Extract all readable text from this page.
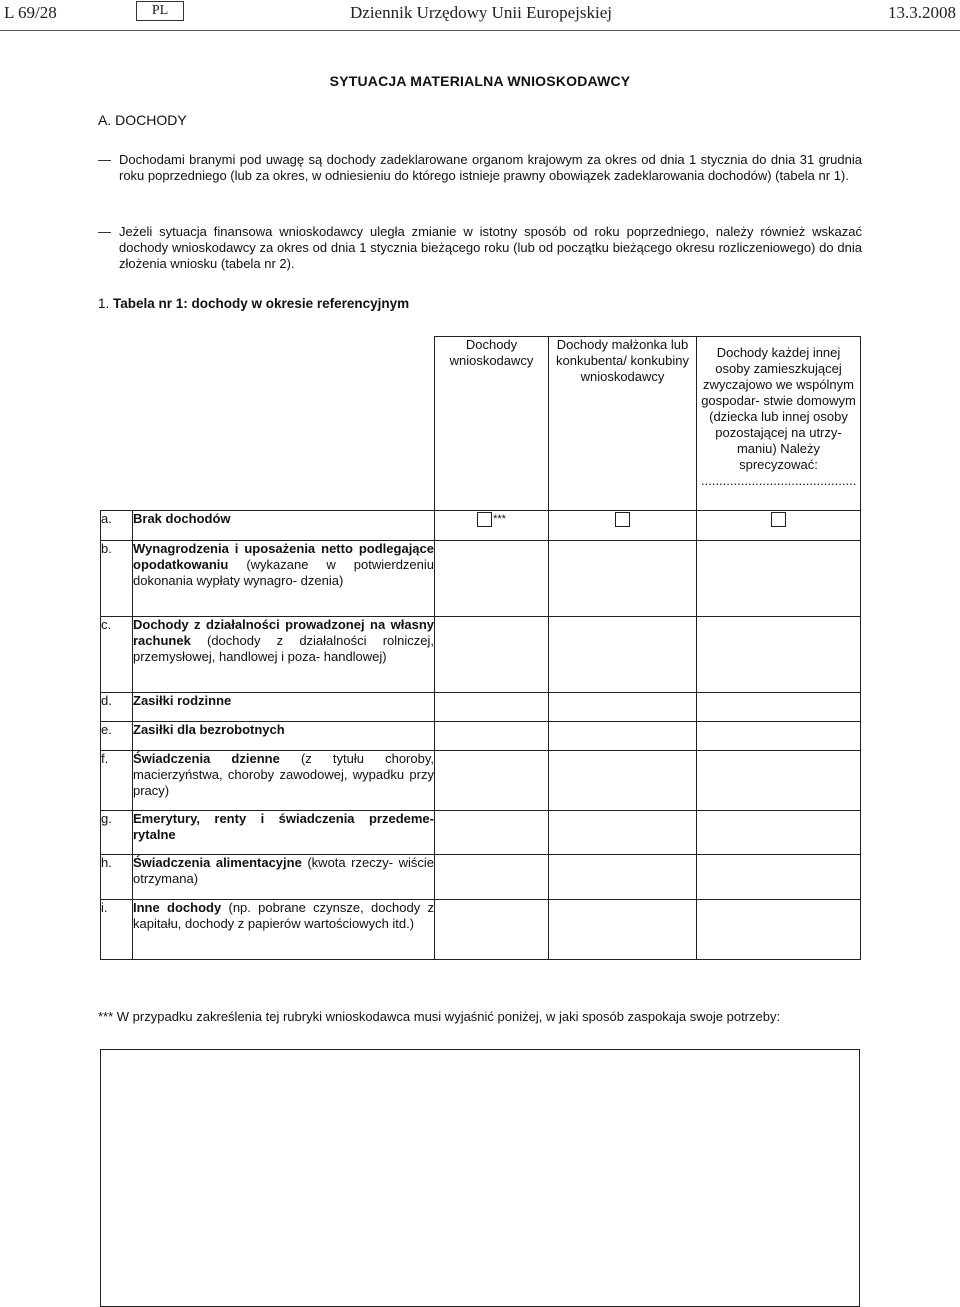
L 69/28	PL	Dziennik Urzędowy Unii Europejskiej	13.3.2008
SYTUACJA MATERIALNA WNIOSKODAWCY
A. DOCHODY
— Dochodami branymi pod uwagę są dochody zadeklarowane organom krajowym za okres od dnia 1 stycznia do dnia 31 grudnia roku poprzedniego (lub za okres, w odniesieniu do którego istnieje prawny obowiązek zadeklarowania dochodów) (tabela nr 1).
— Jeżeli sytuacja finansowa wnioskodawcy uległa zmianie w istotny sposób od roku poprzedniego, należy również wskazać dochody wnioskodawcy za okres od dnia 1 stycznia bieżącego roku (lub od początku bieżącego okresu rozliczeniowego) do dnia złożenia wniosku (tabela nr 2).
1. Tabela nr 1: dochody w okresie referencyjnym
		Dochody wnioskodawcy	Dochody małżonka lub konkubenta/ konkubiny wnioskodawcy	Dochody każdej innej osoby zamieszkującej zwyczajowo we wspólnym gospodar- stwie domowym (dziecka lub innej osoby pozostającej na utrzy- maniu) Należy sprecyzować:
...........................................

a.	Brak dochodów	***		
b.	Wynagrodzenia i uposażenia netto podlegające opodatkowaniu (wykazane w potwierdzeniu dokonania wypłaty wynagro- dzenia)			
c.	Dochody z działalności prowadzonej na własny rachunek (dochody z działalności rolniczej, przemysłowej, handlowej i poza- handlowej)			
d.	Zasiłki rodzinne			
e.	Zasiłki dla bezrobotnych			
f.	Świadczenia dzienne (z tytułu choroby, macierzyństwa, choroby zawodowej, wypadku przy pracy)			
g.	Emerytury, renty i świadczenia przedeme- rytalne			
h.	Świadczenia alimentacyjne (kwota rzeczy- wiście otrzymana)			
i.	Inne dochody (np. pobrane czynsze, dochody z kapitału, dochody z papierów wartościowych itd.)			
*** W przypadku zakreślenia tej rubryki wnioskodawca musi wyjaśnić poniżej, w jaki sposób zaspokaja swoje potrzeby:
